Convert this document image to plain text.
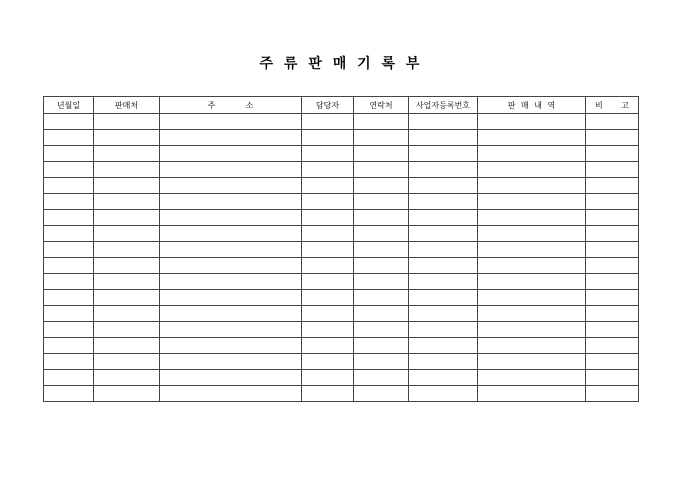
주 류 판 매 기 록 부
년월일	판매처	주 소	담당자	연락처	사업자등록번호	판 매 내 역	비 고
